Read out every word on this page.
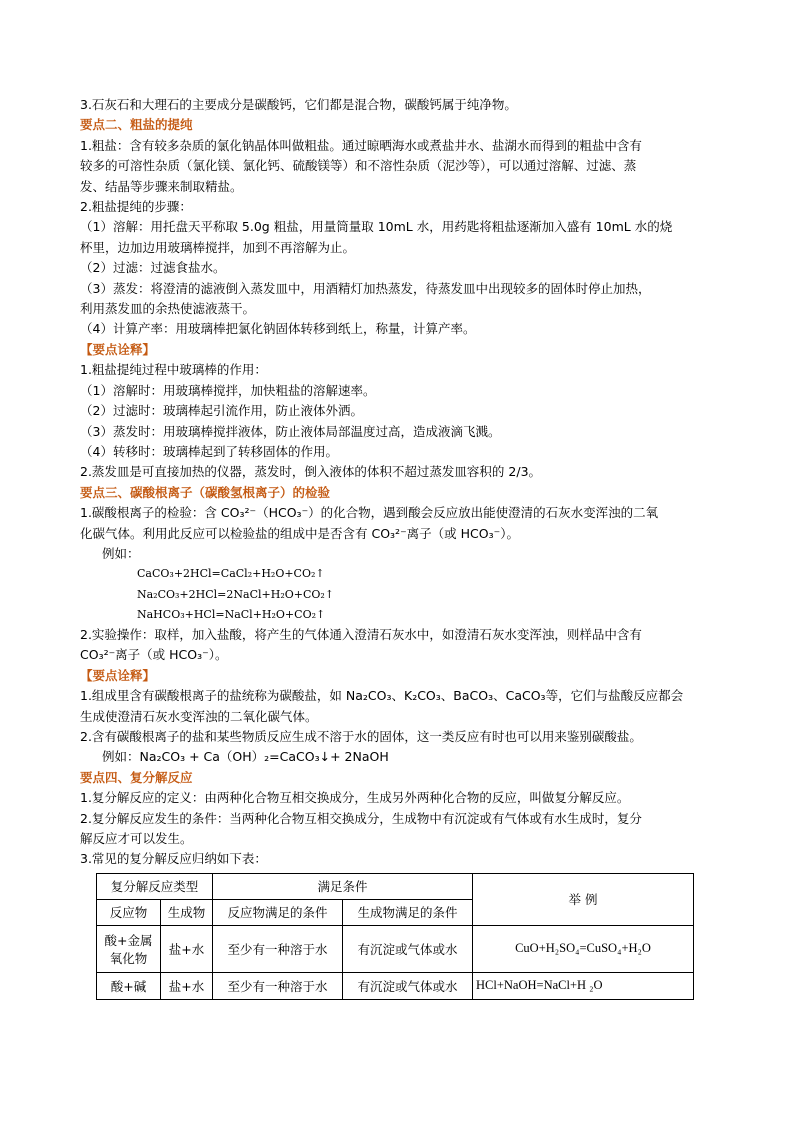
3.石灰石和大理石的主要成分是碳酸钙，它们都是混合物，碳酸钙属于纯净物。

要点二、粗盐的提纯

1.粗盐：含有较多杂质的氯化钠晶体叫做粗盐。通过晾晒海水或煮盐井水、盐湖水而得到的粗盐中含有

较多的可溶性杂质（氯化镁、氯化钙、硫酸镁等）和不溶性杂质（泥沙等），可以通过溶解、过滤、蒸

发、结晶等步骤来制取精盐。

2.粗盐提纯的步骤：

（1）溶解：用托盘天平称取 5.0g 粗盐，用量筒量取 10mL 水，用药匙将粗盐逐渐加入盛有 10mL 水的烧

杯里，边加边用玻璃棒搅拌，加到不再溶解为止。

（2）过滤：过滤食盐水。

（3）蒸发：将澄清的滤液倒入蒸发皿中，用酒精灯加热蒸发，待蒸发皿中出现较多的固体时停止加热，

利用蒸发皿的余热使滤液蒸干。

（4）计算产率：用玻璃棒把氯化钠固体转移到纸上，称量，计算产率。

【要点诠释】

1.粗盐提纯过程中玻璃棒的作用：

（1）溶解时：用玻璃棒搅拌，加快粗盐的溶解速率。

（2）过滤时：玻璃棒起引流作用，防止液体外洒。

（3）蒸发时：用玻璃棒搅拌液体，防止液体局部温度过高，造成液滴飞溅。

（4）转移时：玻璃棒起到了转移固体的作用。

2.蒸发皿是可直接加热的仪器，蒸发时，倒入液体的体积不超过蒸发皿容积的 2/3。

要点三、碳酸根离子（碳酸氢根离子）的检验

1.碳酸根离子的检验：含 CO₃²⁻（HCO₃⁻）的化合物，遇到酸会反应放出能使澄清的石灰水变浑浊的二氧

化碳气体。利用此反应可以检验盐的组成中是否含有 CO₃²⁻离子（或 HCO₃⁻）。

例如：

CaCO₃+2HCl=CaCl₂+H₂O+CO₂↑

Na₂CO₃+2HCl=2NaCl+H₂O+CO₂↑

NaHCO₃+HCl=NaCl+H₂O+CO₂↑

2.实验操作：取样，加入盐酸，将产生的气体通入澄清石灰水中，如澄清石灰水变浑浊，则样品中含有

CO₃²⁻离子（或 HCO₃⁻）。

【要点诠释】

1.组成里含有碳酸根离子的盐统称为碳酸盐，如 Na₂CO₃、K₂CO₃、BaCO₃、CaCO₃等，它们与盐酸反应都会

生成使澄清石灰水变浑浊的二氧化碳气体。

2.含有碳酸根离子的盐和某些物质反应生成不溶于水的固体，这一类反应有时也可以用来鉴别碳酸盐。

例如：Na₂CO₃ + Ca（OH）₂=CaCO₃↓+ 2NaOH

要点四、复分解反应

1.复分解反应的定义：由两种化合物互相交换成分，生成另外两种化合物的反应，叫做复分解反应。

2.复分解反应发生的条件：当两种化合物互相交换成分，生成物中有沉淀或有气体或有水生成时，复分

解反应才可以发生。

3.常见的复分解反应归纳如下表：

复分解反应类型		满足条件		举 例
反应物	生成物	反应物满足的条件	生成物满足的条件	
酸+金属氧化物	盐+水	至少有一种溶于水	有沉淀或气体或水	CuO+H₂SO₄=CuSO₄+H₂O
酸+碱	盐+水	至少有一种溶于水	有沉淀或气体或水	HCl+NaOH=NaCl+H ₂O
